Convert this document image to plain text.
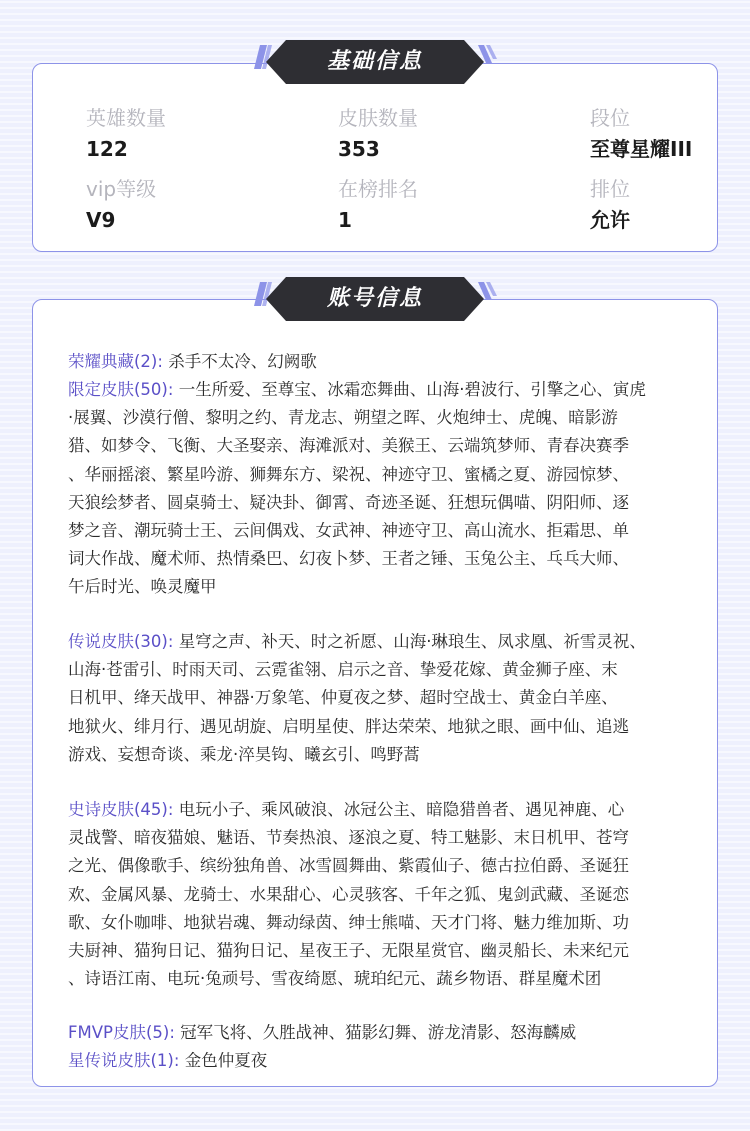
基础信息
英雄数量
122
皮肤数量
353
段位
至尊星耀III
vip等级
V9
在榜排名
1
排位
允许
账号信息
荣耀典藏(2): 杀手不太冷、幻阙歌
限定皮肤(50): 一生所爱、至尊宝、冰霜恋舞曲、山海·碧波行、引擎之心、寅虎
·展翼、沙漠行僧、黎明之约、青龙志、朔望之晖、火炮绅士、虎魄、暗影游
猎、如梦令、飞衡、大圣娶亲、海滩派对、美猴王、云端筑梦师、青春决赛季
、华丽摇滚、繁星吟游、狮舞东方、梁祝、神迹守卫、蜜橘之夏、游园惊梦、
天狼绘梦者、圆桌骑士、疑决卦、御霄、奇迹圣诞、狂想玩偶喵、阴阳师、逐
梦之音、潮玩骑士王、云间偶戏、女武神、神迹守卫、高山流水、拒霜思、单
词大作战、魔术师、热情桑巴、幻夜卜梦、王者之锤、玉兔公主、乓乓大师、
午后时光、唤灵魔甲
传说皮肤(30): 星穹之声、补天、时之祈愿、山海·琳琅生、凤求凰、祈雪灵祝、
山海·苍雷引、时雨天司、云霓雀翎、启示之音、挚爱花嫁、黄金狮子座、末
日机甲、绛天战甲、神器·万象笔、仲夏夜之梦、超时空战士、黄金白羊座、
地狱火、绯月行、遇见胡旋、启明星使、胖达荣荣、地狱之眼、画中仙、追逃
游戏、妄想奇谈、乘龙·淬昊钩、曦玄引、鸣野蒿
史诗皮肤(45): 电玩小子、乘风破浪、冰冠公主、暗隐猎兽者、遇见神鹿、心
灵战警、暗夜猫娘、魅语、节奏热浪、逐浪之夏、特工魅影、末日机甲、苍穹
之光、偶像歌手、缤纷独角兽、冰雪圆舞曲、紫霞仙子、德古拉伯爵、圣诞狂
欢、金属风暴、龙骑士、水果甜心、心灵骇客、千年之狐、鬼剑武藏、圣诞恋
歌、女仆咖啡、地狱岩魂、舞动绿茵、绅士熊喵、天才门将、魅力维加斯、功
夫厨神、猫狗日记、猫狗日记、星夜王子、无限星赏官、幽灵船长、未来纪元
、诗语江南、电玩·兔顽号、雪夜绮愿、琥珀纪元、蔬乡物语、群星魔术团
FMVP皮肤(5): 冠军飞将、久胜战神、猫影幻舞、游龙清影、怒海麟威
星传说皮肤(1): 金色仲夏夜
